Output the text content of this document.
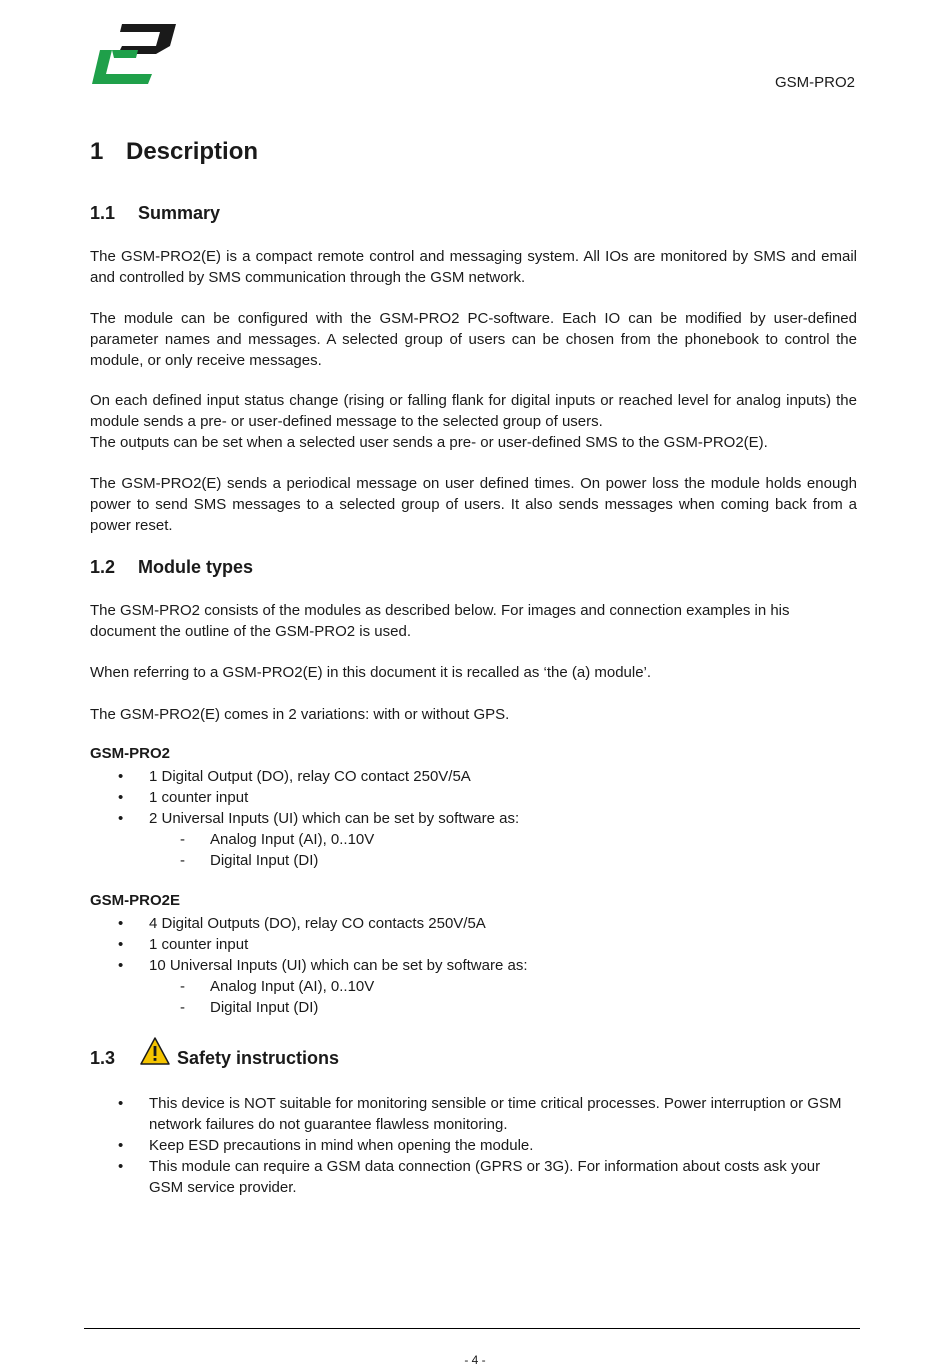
GSM-PRO2
1 Description
1.1 Summary

The GSM-PRO2(E) is a compact remote control and messaging system. All IOs are monitored by SMS and email and controlled by SMS communication through the GSM network.

The module can be configured with the GSM-PRO2 PC-software. Each IO can be modified by user-defined parameter names and messages. A selected group of users can be chosen from the phonebook to control the module, or only receive messages.

On each defined input status change (rising or falling flank for digital inputs or reached level for analog inputs) the module sends a pre- or user-defined message to the selected group of users.

The outputs can be set when a selected user sends a pre- or user-defined SMS to the GSM-PRO2(E).

The GSM-PRO2(E) sends a periodical message on user defined times. On power loss the module holds enough power to send SMS messages to a selected group of users. It also sends messages when coming back from a power reset.

1.2 Module types

The GSM-PRO2 consists of the modules as described below. For images and connection examples in his document the outline of the GSM-PRO2 is used.

When referring to a GSM-PRO2(E) in this document it is recalled as ‘the (a) module’.

The GSM-PRO2(E) comes in 2 variations: with or without GPS.

GSM-PRO2

• 1 Digital Output (DO), relay CO contact 250V/5A
• 1 counter input
• 2 Universal Inputs (UI) which can be set by software as:
- Analog Input (AI), 0..10V
- Digital Input (DI)

GSM-PRO2E

• 4 Digital Outputs (DO), relay CO contacts 250V/5A
• 1 counter input
• 10 Universal Inputs (UI) which can be set by software as:
- Analog Input (AI), 0..10V
- Digital Input (DI)
1.3	Safety instructions
• This device is NOT suitable for monitoring sensible or time critical processes. Power interruption or GSM network failures do not guarantee flawless monitoring.
• Keep ESD precautions in mind when opening the module.
• This module can require a GSM data connection (GPRS or 3G). For information about costs ask your GSM service provider.
- 4 -
